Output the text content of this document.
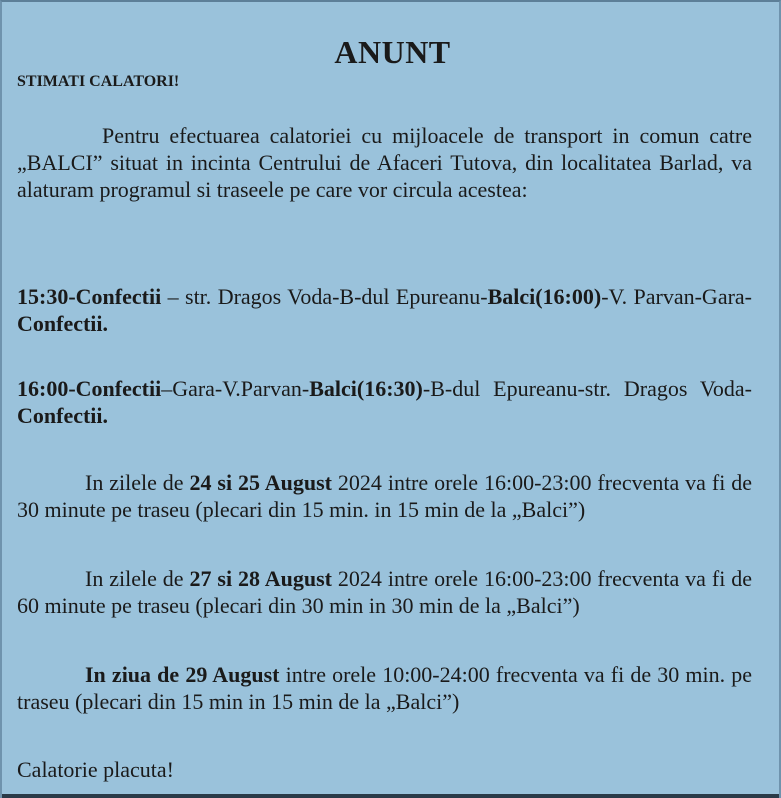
ANUNT
STIMATI CALATORI!

Pentru efectuarea calatoriei cu mijloacele de transport in comun catre „BALCI” situat in incinta Centrului de Afaceri Tutova, din localitatea Barlad, va alaturam programul si traseele pe care vor circula acestea:

15:30-Confectii – str. Dragos Voda-B-dul Epureanu-Balci(16:00)-V. Parvan-Gara-Confectii.

16:00-Confectii–Gara-V.Parvan-Balci(16:30)-B-dul Epureanu-str. Dragos Voda-Confectii.

In zilele de 24 si 25 August 2024 intre orele 16:00-23:00 frecventa va fi de 30 minute pe traseu (plecari din 15 min. in 15 min de la „Balci”)

In zilele de 27 si 28 August 2024 intre orele 16:00-23:00 frecventa va fi de 60 minute pe traseu (plecari din 30 min in 30 min de la „Balci”)

In ziua de 29 August intre orele 10:00-24:00 frecventa va fi de 30 min. pe traseu (plecari din 15 min in 15 min de la „Balci”)

Calatorie placuta!
